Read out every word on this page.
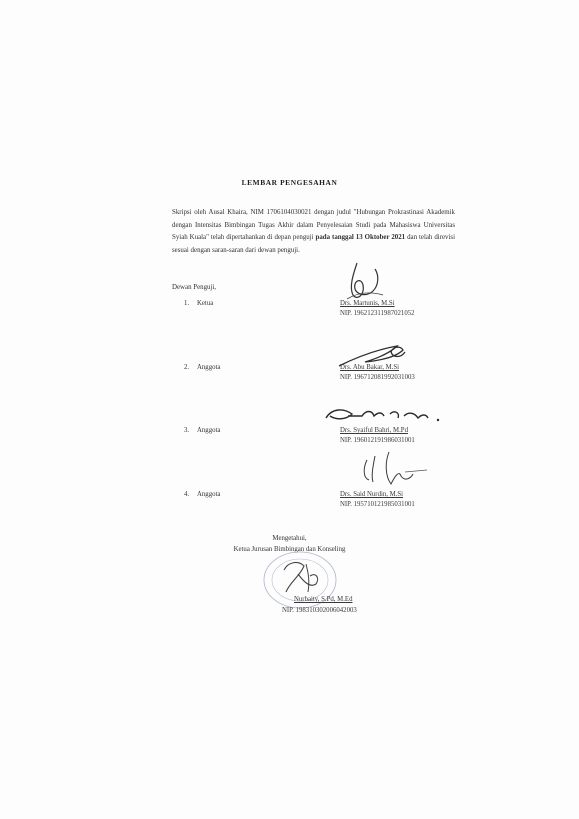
LEMBAR PENGESAHAN
Skripsi oleh Ausal Khaira, NIM 1706104030021 dengan judul "Hubungan Prokrastinasi Akademik dengan Intensitas Bimbingan Tugas Akhir dalam Penyelesaian Studi pada Mahasiswa Universitas Syiah Kuala" telah dipertahankan di depan penguji pada tanggal 13 Oktober 2021 dan telah direvisi sesuai dengan saran-saran dari dewan penguji.
Dewan Penguji,
1. Ketua	Drs. Martunis, M.Si
NIP. 196212311987021052
2. Anggota	Drs. Abu Bakar, M.Si
NIP. 196712081992031003
3. Anggota	Drs. Syaiful Bahri, M.Pd
NIP. 196012191986031001
4. Anggota	Drs. Said Nurdin, M.Si
NIP. 195710121985031001
Mengetahui,
Ketua Jurusan Bimbingan dan Konseling
Nurbaity, S.Pd, M.Ed
NIP. 198310302006042003
